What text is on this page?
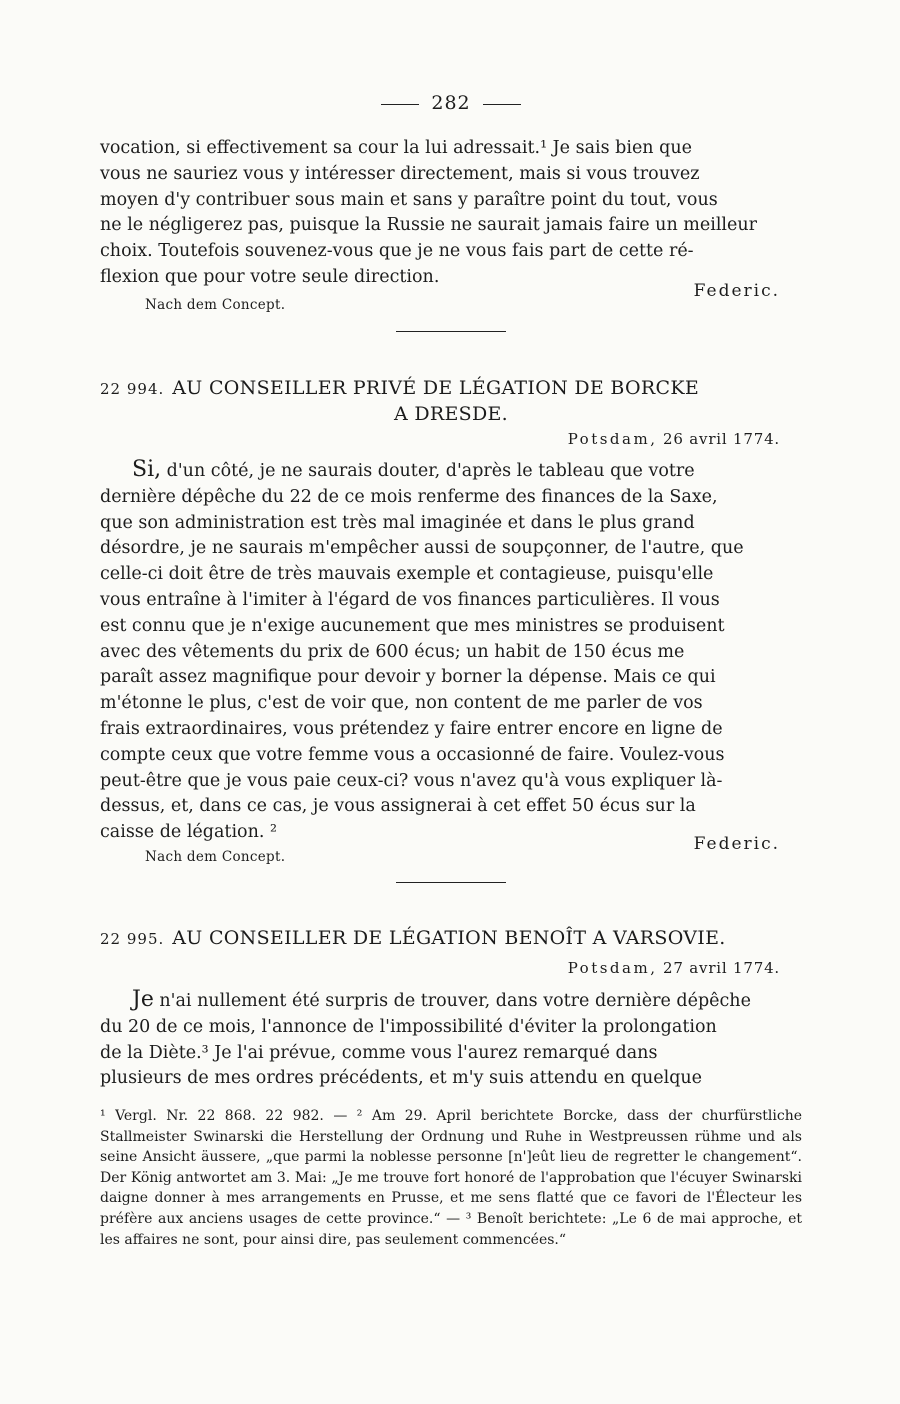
282
vocation, si effectivement sa cour la lui adressait.¹ Je sais bien que
vous ne sauriez vous y intéresser directement, mais si vous trouvez
moyen d'y contribuer sous main et sans y paraître point du tout, vous
ne le négligerez pas, puisque la Russie ne saurait jamais faire un meilleur
choix. Toutefois souvenez-vous que je ne vous fais part de cette ré-
flexion que pour votre seule direction.
Federic.
Nach dem Concept.
22 994. AU CONSEILLER PRIVÉ DE LÉGATION DE BORCKE
A DRESDE.
Potsdam, 26 avril 1774.
Si, d'un côté, je ne saurais douter, d'après le tableau que votre
dernière dépêche du 22 de ce mois renferme des finances de la Saxe,
que son administration est très mal imaginée et dans le plus grand
désordre, je ne saurais m'empêcher aussi de soupçonner, de l'autre, que
celle-ci doit être de très mauvais exemple et contagieuse, puisqu'elle
vous entraîne à l'imiter à l'égard de vos finances particulières. Il vous
est connu que je n'exige aucunement que mes ministres se produisent
avec des vêtements du prix de 600 écus; un habit de 150 écus me
paraît assez magnifique pour devoir y borner la dépense. Mais ce qui
m'étonne le plus, c'est de voir que, non content de me parler de vos
frais extraordinaires, vous prétendez y faire entrer encore en ligne de
compte ceux que votre femme vous a occasionné de faire. Voulez-vous
peut-être que je vous paie ceux-ci? vous n'avez qu'à vous expliquer là-
dessus, et, dans ce cas, je vous assignerai à cet effet 50 écus sur la
caisse de légation. ²
Federic.
Nach dem Concept.
22 995. AU CONSEILLER DE LÉGATION BENOÎT A VARSOVIE.
Potsdam, 27 avril 1774.
Je n'ai nullement été surpris de trouver, dans votre dernière dépêche
du 20 de ce mois, l'annonce de l'impossibilité d'éviter la prolongation
de la Diète.³ Je l'ai prévue, comme vous l'aurez remarqué dans
plusieurs de mes ordres précédents, et m'y suis attendu en quelque
¹ Vergl. Nr. 22 868. 22 982. — ² Am 29. April berichtete Borcke, dass der churfürstliche Stallmeister Swinarski die Herstellung der Ordnung und Ruhe in Westpreussen rühme und als seine Ansicht äussere, „que parmi la noblesse personne [n']eût lieu de regretter le changement“. Der König antwortet am 3. Mai: „Je me trouve fort honoré de l'approbation que l'écuyer Swinarski daigne donner à mes arrangements en Prusse, et me sens flatté que ce favori de l'Électeur les préfère aux anciens usages de cette province.“ — ³ Benoît berichtete: „Le 6 de mai approche, et les affaires ne sont, pour ainsi dire, pas seulement commencées.“
